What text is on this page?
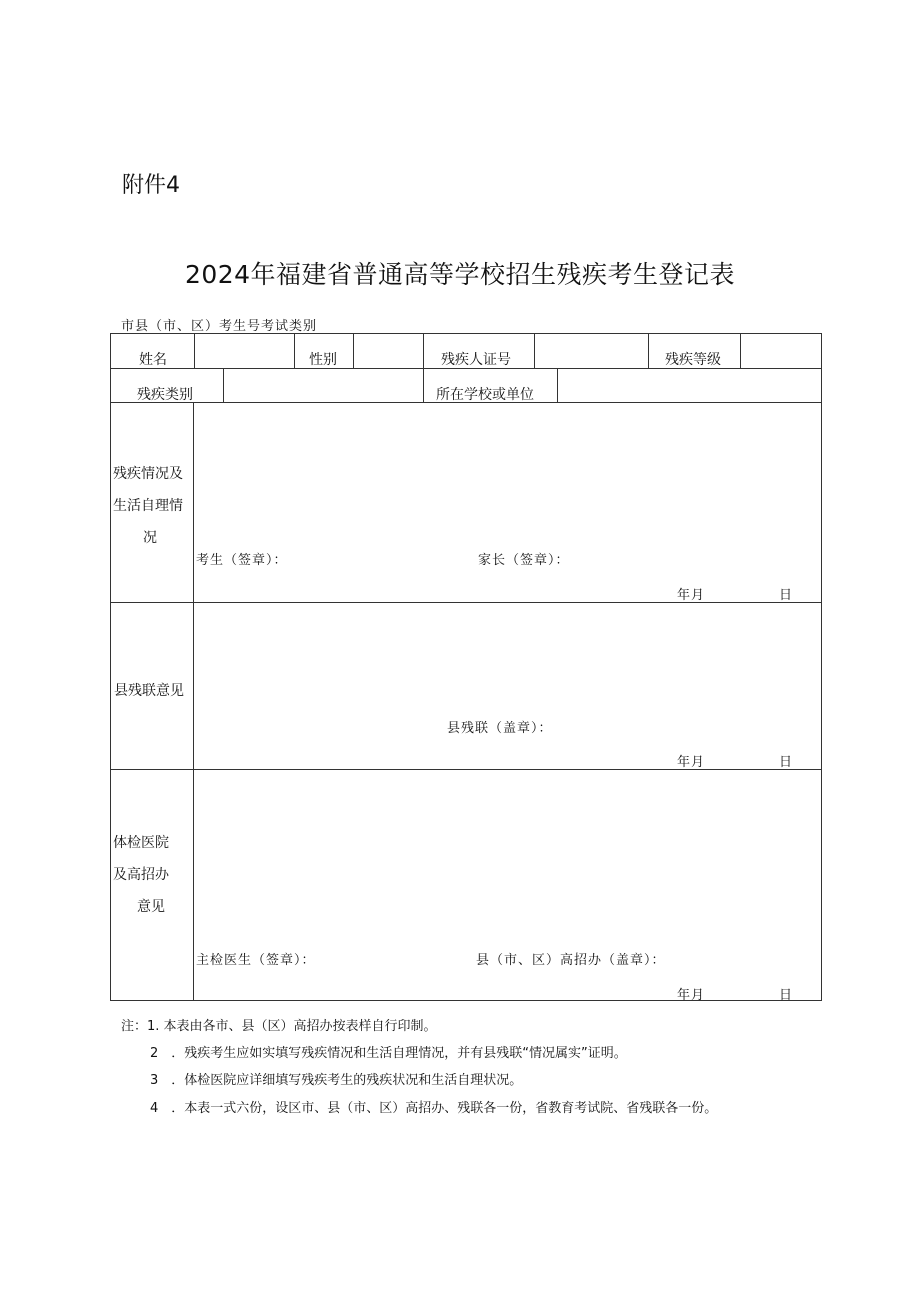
附件4
2024年福建省普通高等学校招生残疾考生登记表
市县（市、区）考生号考试类别
姓名	性别	残疾人证号	残疾等级
残疾类别	所在学校或单位
残疾情况及
生活自理情
况
考生（签章）：	家长（签章）：
年月	日
县残联意见
县残联（盖章）：
年月	日
体检医院
及高招办
意见
主检医生（签章）：	县（市、区）高招办（盖章）：
年月	日
注：1. 本表由各市、县（区）高招办按表样自行印制。
2　．残疾考生应如实填写残疾情况和生活自理情况，并有县残联“情况属实”证明。
3　．体检医院应详细填写残疾考生的残疾状况和生活自理状况。
4　．本表一式六份，设区市、县（市、区）高招办、残联各一份，省教育考试院、省残联各一份。
